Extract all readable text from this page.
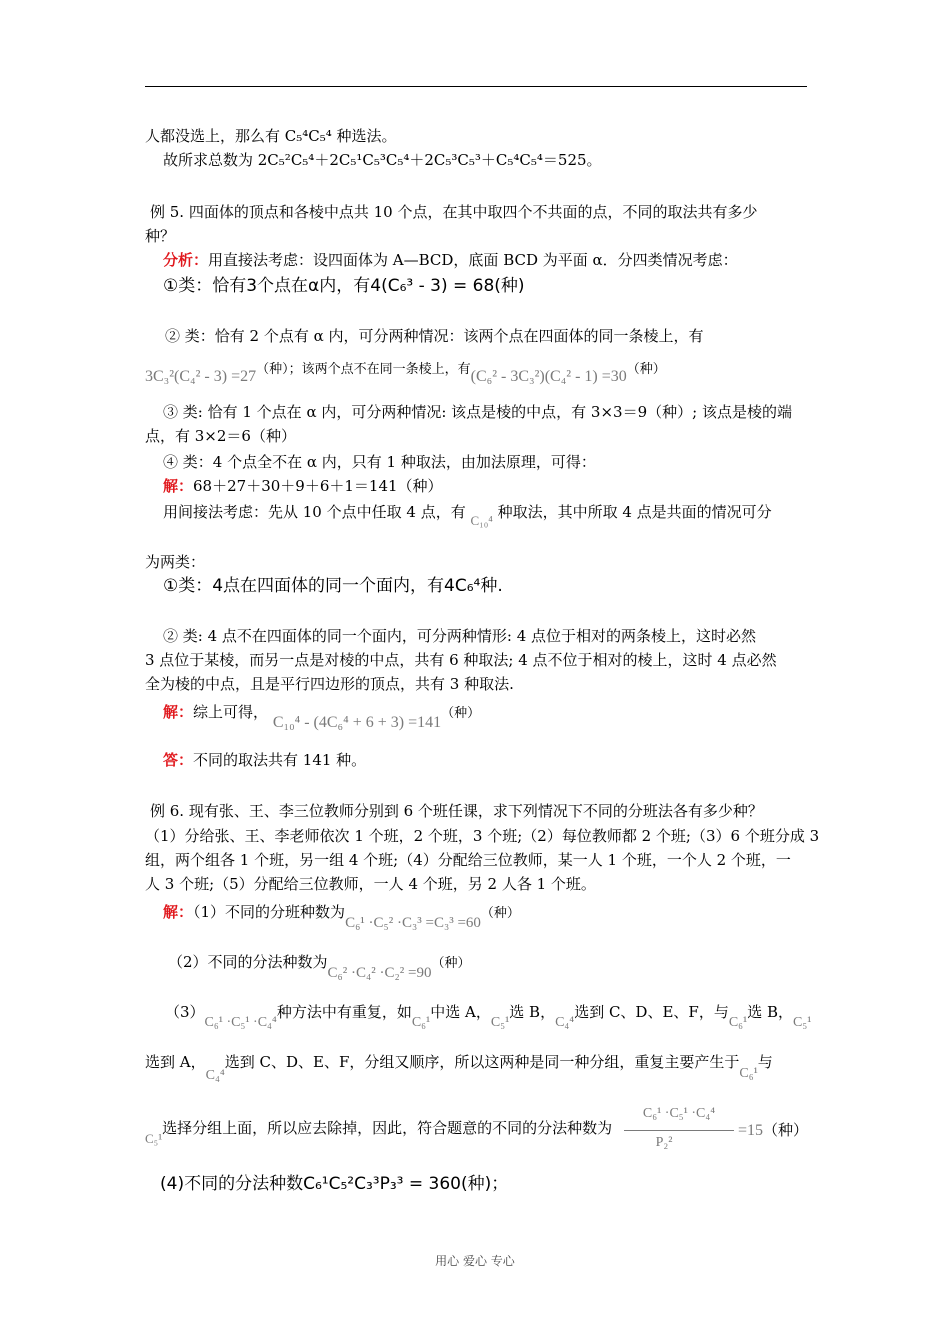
人都没选上，那么有 C₅⁴C₅⁴ 种选法。
故所求总数为 2C₅²C₅⁴＋2C₅¹C₅³C₅⁴＋2C₅³C₅³＋C₅⁴C₅⁴＝525。
例 5. 四面体的顶点和各棱中点共 10 个点，在其中取四个不共面的点，不同的取法共有多少
种？
分析：用直接法考虑：设四面体为 A—BCD，底面 BCD 为平面 α．分四类情况考虑：
①类：恰有3个点在α内，有4(C₆³ - 3) = 68(种)
② 类：恰有 2 个点有 α 内，可分两种情况：该两个点在四面体的同一条棱上，有
3C₃²(C₄² - 3) =27（种）；该两个点不在同一条棱上，有(C₆² - 3C₃²)(C₄² - 1) =30（种）
③ 类: 恰有 1 个点在 α 内，可分两种情况: 该点是棱的中点，有 3×3＝9（种）; 该点是棱的端
点，有 3×2＝6（种）
④ 类：4 个点全不在 α 内，只有 1 种取法，由加法原理，可得：
解：68＋27＋30＋9＋6＋1＝141（种）
用间接法考虑：先从 10 个点中任取 4 点，有 C₁₀⁴ 种取法，其中所取 4 点是共面的情况可分
为两类：
①类：4点在四面体的同一个面内，有4C₆⁴种.
② 类: 4 点不在四面体的同一个面内，可分两种情形: 4 点位于相对的两条棱上，这时必然
3 点位于某棱，而另一点是对棱的中点，共有 6 种取法; 4 点不位于相对的棱上，这时 4 点必然
全为棱的中点，且是平行四边形的顶点，共有 3 种取法.
解：综上可得， C₁₀⁴ - (4C₆⁴ + 6 + 3) =141（种）
答：不同的取法共有 141 种。
例 6. 现有张、王、李三位教师分别到 6 个班任课，求下列情况下不同的分班法各有多少种？
（1）分给张、王、李老师依次 1 个班，2 个班，3 个班;（2）每位教师都 2 个班;（3）6 个班分成 3
组，两个组各 1 个班，另一组 4 个班;（4）分配给三位教师，某一人 1 个班，一个人 2 个班，一
人 3 个班;（5）分配给三位教师，一人 4 个班，另 2 人各 1 个班。
解：（1）不同的分班种数为C₆¹ ·C₅² ·C₃³ =C₃³ =60（种）
（2）不同的分法种数为C₆² ·C₄² ·C₂² =90（种）
（3）C₆¹ ·C₅¹ ·C₄⁴种方法中有重复，如C₆¹中选 A，C₅¹选 B，C₄⁴选到 C、D、E、F，与C₆¹选 B，C₅¹
选到 A，C₄⁴选到 C、D、E、F，分组又顺序，所以这两种是同一种分组，重复主要产生于C₆¹与
C₅¹选择分组上面，所以应去除掉，因此，符合题意的不同的分法种数为
C₆¹ ·C₅¹ ·C₄⁴
P₂²
=15（种）
(4)不同的分法种数C₆¹C₅²C₃³P₃³ = 360(种)；
用心 爱心 专心
